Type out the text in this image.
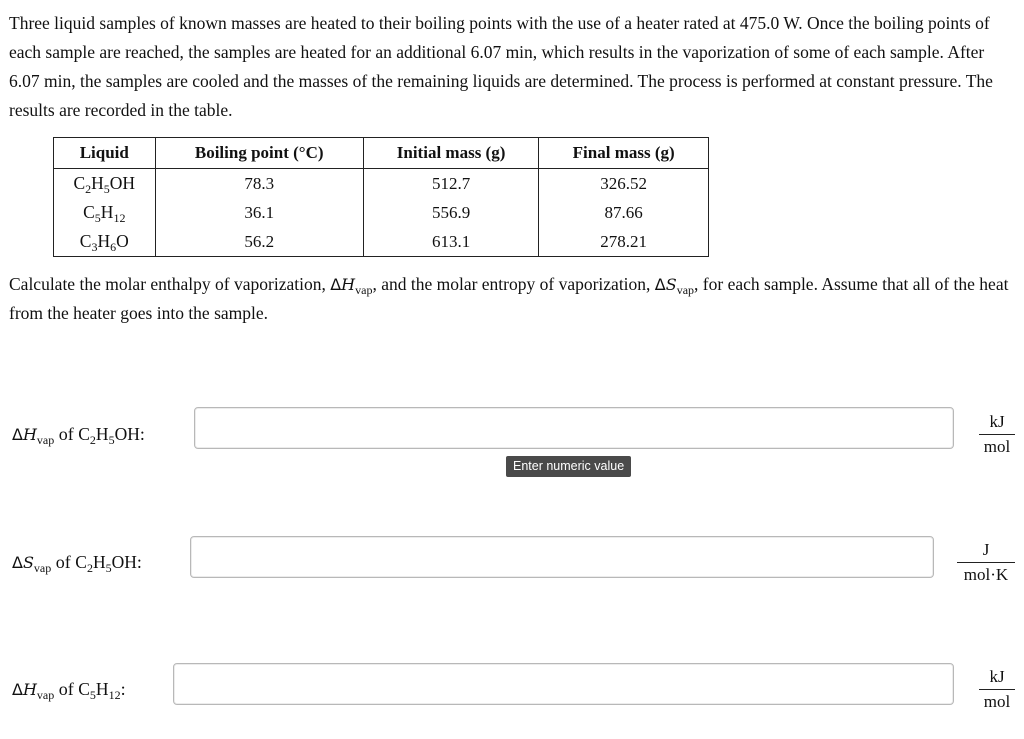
Three liquid samples of known masses are heated to their boiling points with the use of a heater rated at 475.0 W. Once the boiling points of each sample are reached, the samples are heated for an additional 6.07 min, which results in the vaporization of some of each sample. After 6.07 min, the samples are cooled and the masses of the remaining liquids are determined. The process is performed at constant pressure. The results are recorded in the table.

Liquid	Boiling point (°C)	Initial mass (g)	Final mass (g)
$C_2H_5OH$	78.3	512.7	326.52
$C_5H_{12}$	36.1	556.9	87.66
$C_3H_6O$	56.2	613.1	278.21

Calculate the molar enthalpy of vaporization, $\Delta H_{vap}$, and the molar entropy of vaporization, $\Delta S_{vap}$, for each sample. Assume that all of the heat from the heater goes into the sample.

$\Delta H_{vap}$ of $C_2H_5OH$:
kJ
mol
Enter numeric value
$\Delta S_{vap}$ of $C_2H_5OH$:
J
mol·K
$\Delta H_{vap}$ of $C_5H_{12}$:
kJ
mol
